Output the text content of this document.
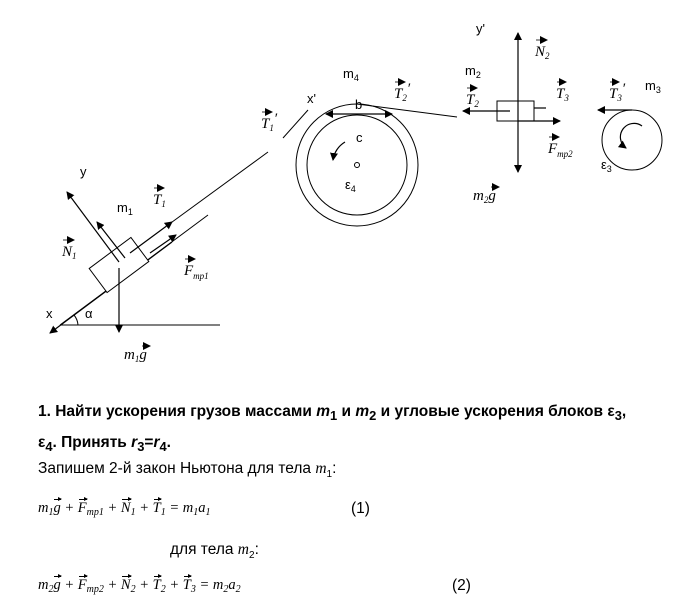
y
x	α
$m_1$
$T_1$
$N_1$
$F_{mp1}$
$m_1g$
$m_4$
x'	b
c
$\varepsilon_4$
$T_1'$
$T_2'$
y'
$m_2$
$N_2$
$T_2$
$T_3$
$F_{mp2}$
$m_2g$
$T_3'$ $m_3$
$\varepsilon_3$
1. Найти ускорения грузов массами $m_1$ и $m_2$ и угловые ускорения блоков $\varepsilon_3$,
$\varepsilon_4$. Принять $r_3=r_4$.
Запишем 2-й закон Ньютона для тела $m_1$:
$m_1g + F_{mp1} + N_1 + T_1 = m_1a_1$	(1)
для тела $m_2$:
$m_2g + F_{mp2} + N_2 + T_2 + T_3 = m_2a_2$	(2)
